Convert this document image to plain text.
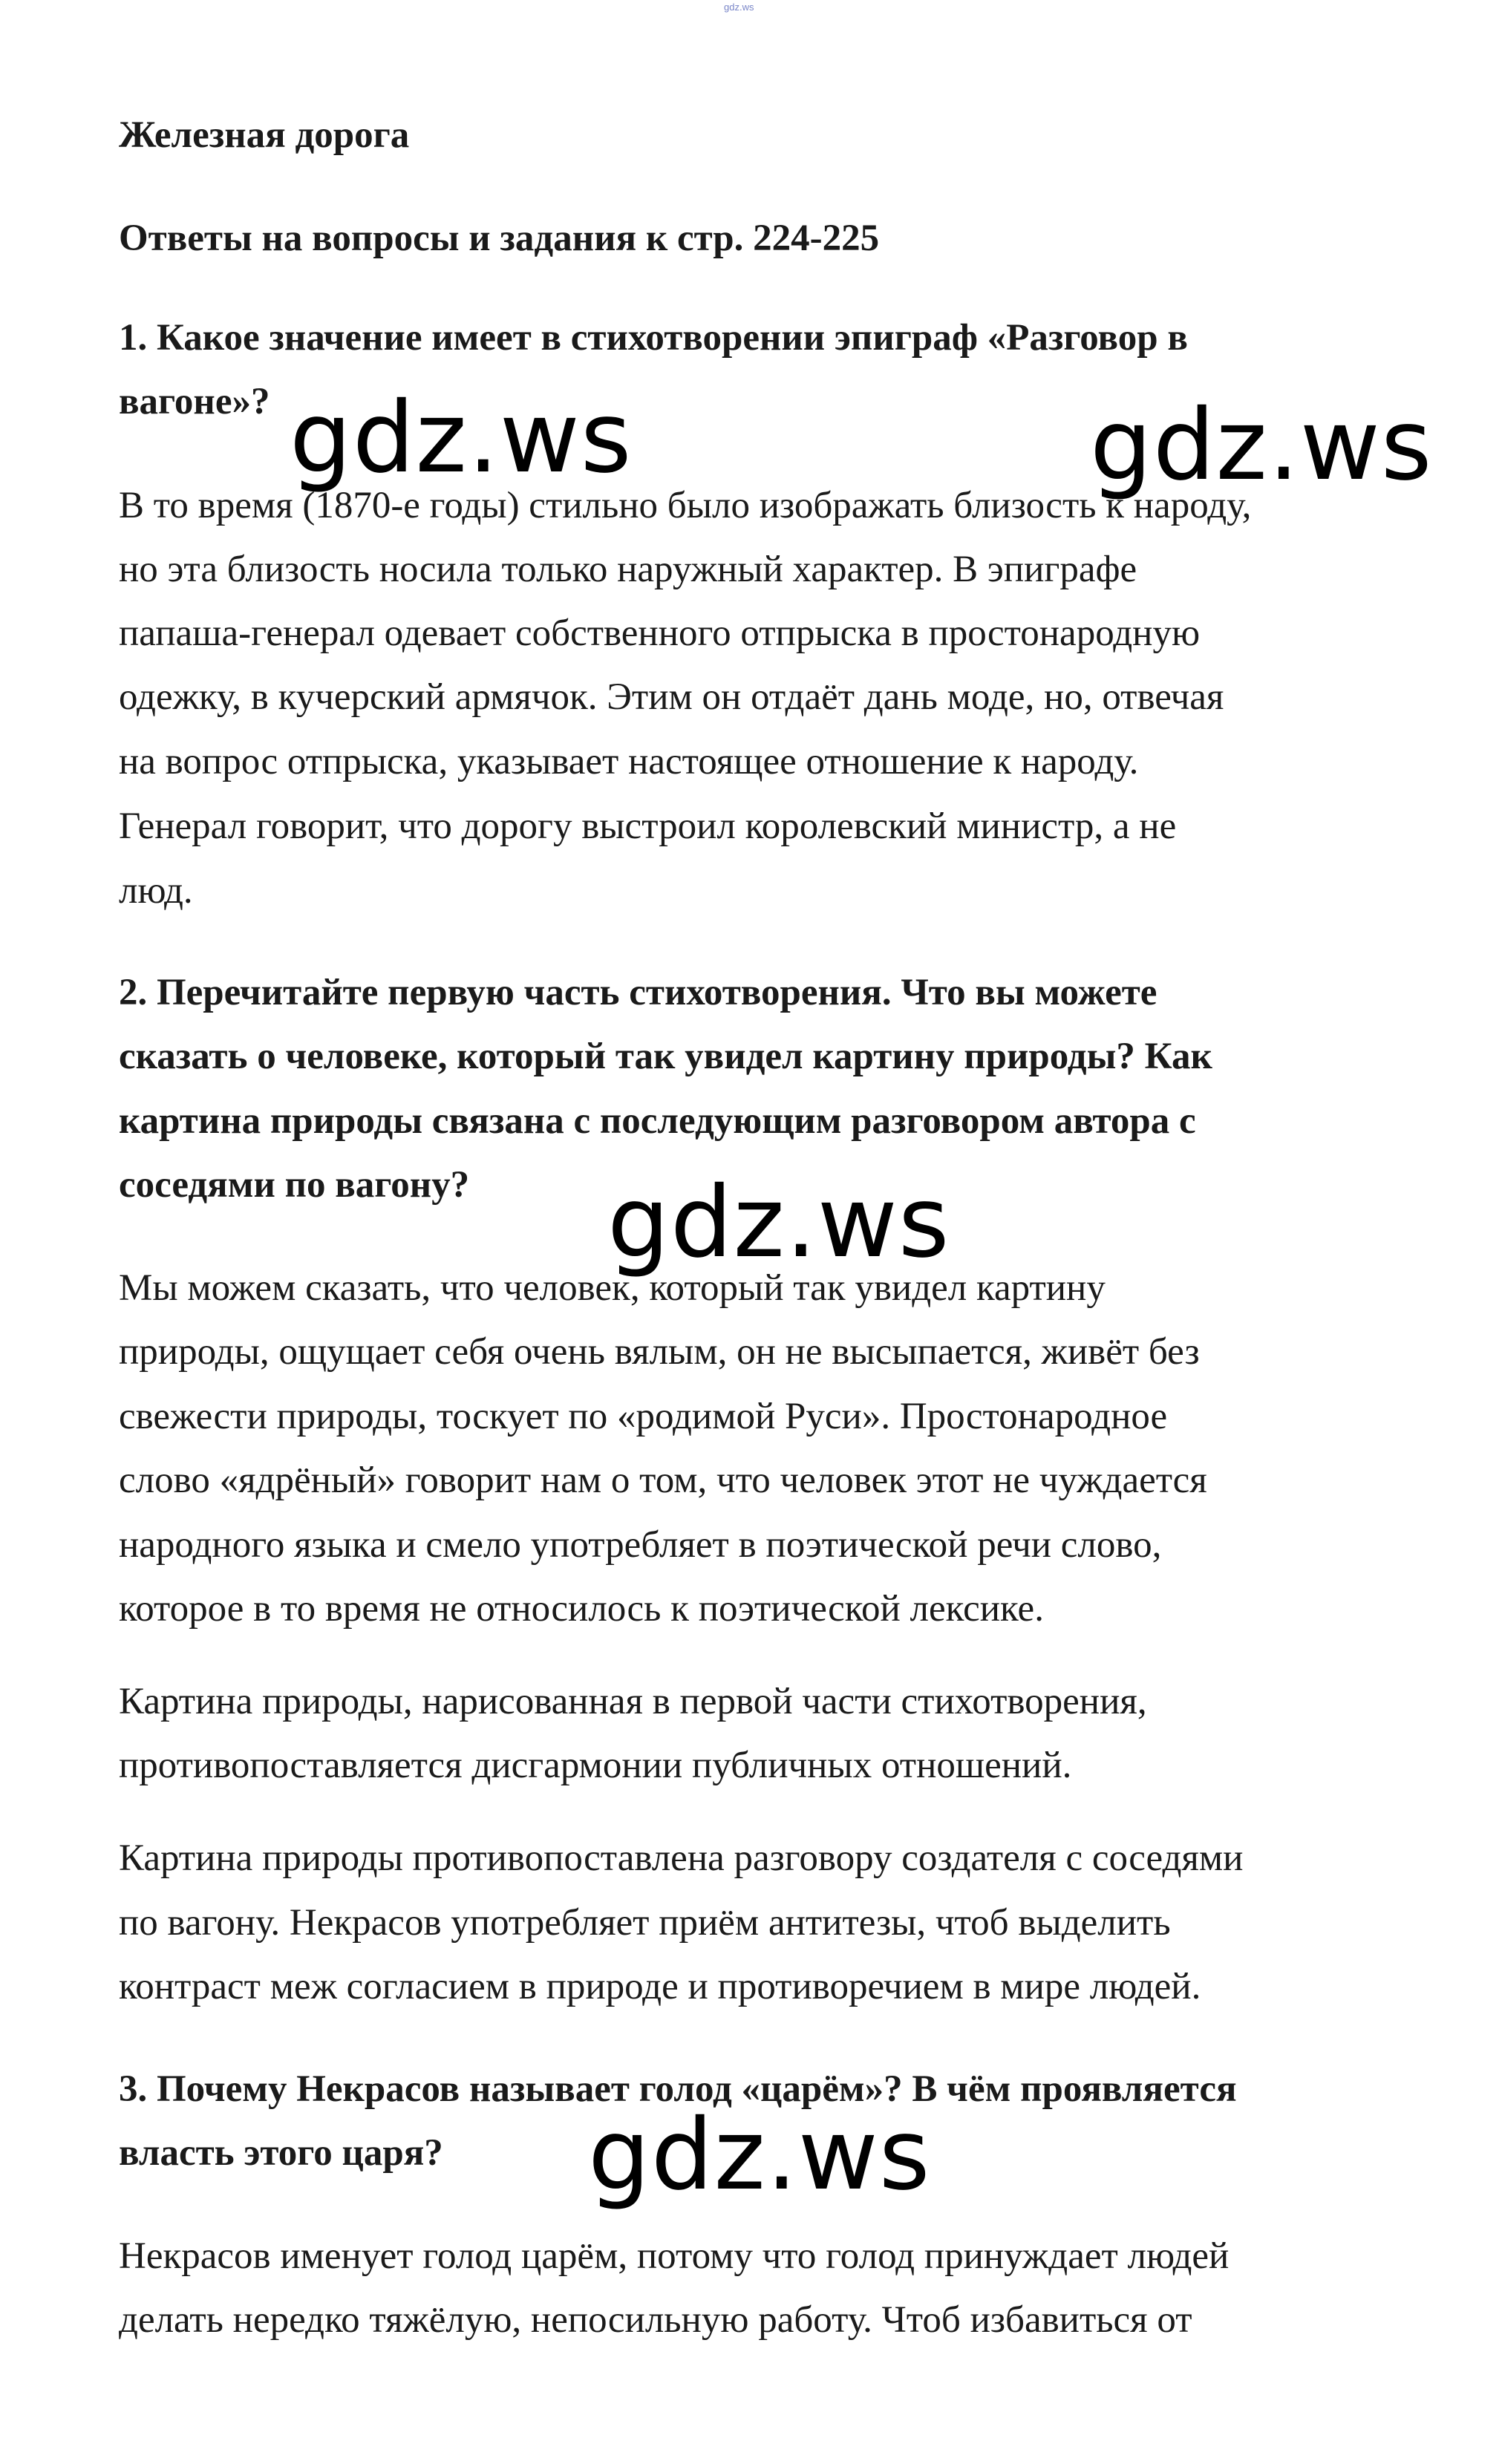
gdz.ws
Железная дорога
Ответы на вопросы и задания к стр. 224-225
1. Какое значение имеет в стихотворении эпиграф «Разговор в
вагоне»?
В то время (1870-е годы) стильно было изображать близость к народу,
но эта близость носила только наружный характер. В эпиграфе
папаша-генерал одевает собственного отпрыска в простонародную
одежку, в кучерский армячок. Этим он отдаёт дань моде, но, отвечая
на вопрос отпрыска, указывает настоящее отношение к народу.
Генерал говорит, что дорогу выстроил королевский министр, а не
люд.
2. Перечитайте первую часть стихотворения. Что вы можете
сказать о человеке, который так увидел картину природы? Как
картина природы связана с последующим разговором автора с
соседями по вагону?
Мы можем сказать, что человек, который так увидел картину
природы, ощущает себя очень вялым, он не высыпается, живёт без
свежести природы, тоскует по «родимой Руси». Простонародное
слово «ядрёный» говорит нам о том, что человек этот не чуждается
народного языка и смело употребляет в поэтической речи слово,
которое в то время не относилось к поэтической лексике.
Картина природы, нарисованная в первой части стихотворения,
противопоставляется дисгармонии публичных отношений.
Картина природы противопоставлена разговору создателя с соседями
по вагону. Некрасов употребляет приём антитезы, чтоб выделить
контраст меж согласием в природе и противоречием в мире людей.
3. Почему Некрасов называет голод «царём»? В чём проявляется
власть этого царя?
Некрасов именует голод царём, потому что голод принуждает людей
делать нередко тяжёлую, непосильную работу. Чтоб избавиться от
gdz.ws	gdz.ws
gdz.ws
gdz.ws
